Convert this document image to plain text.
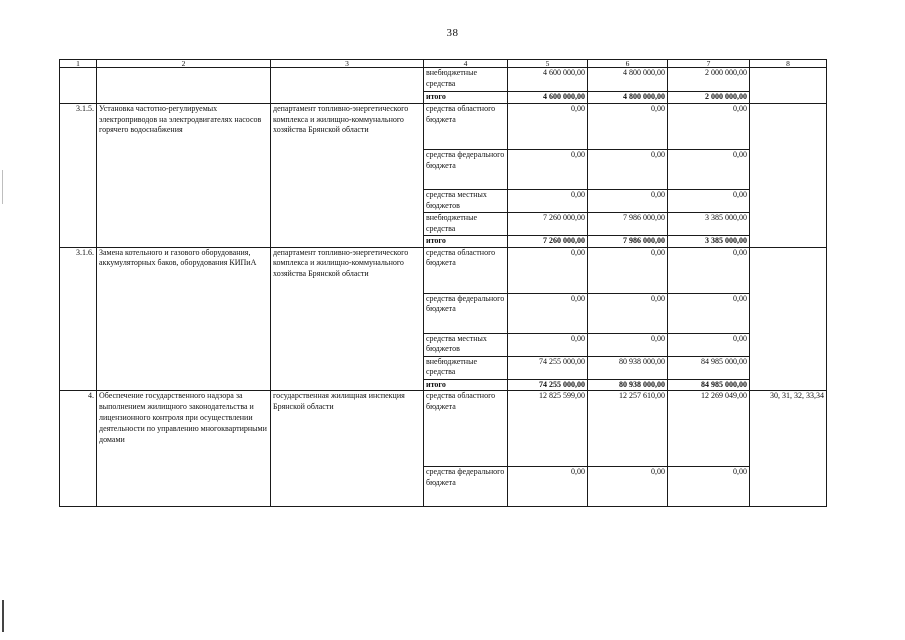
38
1	2	3	4	5	6	7	8
			внебюджетные средства	4 600 000,00	4 800 000,00	2 000 000,00	
			итого	4 600 000,00	4 800 000,00	2 000 000,00	
3.1.5.	Установка частотно-регулируемых электроприводов на электродвигателях насосов горячего водоснабжения	департамент топливно-энергетического комплекса и жилищно-коммунального хозяйства Брянской области	средства областного бюджета	0,00	0,00	0,00	
			средства федерального бюджета	0,00	0,00	0,00	
			средства местных бюджетов	0,00	0,00	0,00	
			внебюджетные средства	7 260 000,00	7 986 000,00	3 385 000,00	
			итого	7 260 000,00	7 986 000,00	3 385 000,00	
3.1.6.	Замена котельного и газового оборудования, аккумуляторных баков, оборудования КИПиА	департамент топливно-энергетического комплекса и жилищно-коммунального хозяйства Брянской области	средства областного бюджета	0,00	0,00	0,00	
			средства федерального бюджета	0,00	0,00	0,00	
			средства местных бюджетов	0,00	0,00	0,00	
			внебюджетные средства	74 255 000,00	80 938 000,00	84 985 000,00	
			итого	74 255 000,00	80 938 000,00	84 985 000,00	
4.	Обеспечение государственного надзора за выполнением жилищного законодательства и лицензионного контроля при осуществлении деятельности по управлению многоквартирными домами	государственная жилищная инспекция Брянской области	средства областного бюджета	12 825 599,00	12 257 610,00	12 269 049,00	30, 31, 32, 33,34
			средства федерального бюджета	0,00	0,00	0,00	
